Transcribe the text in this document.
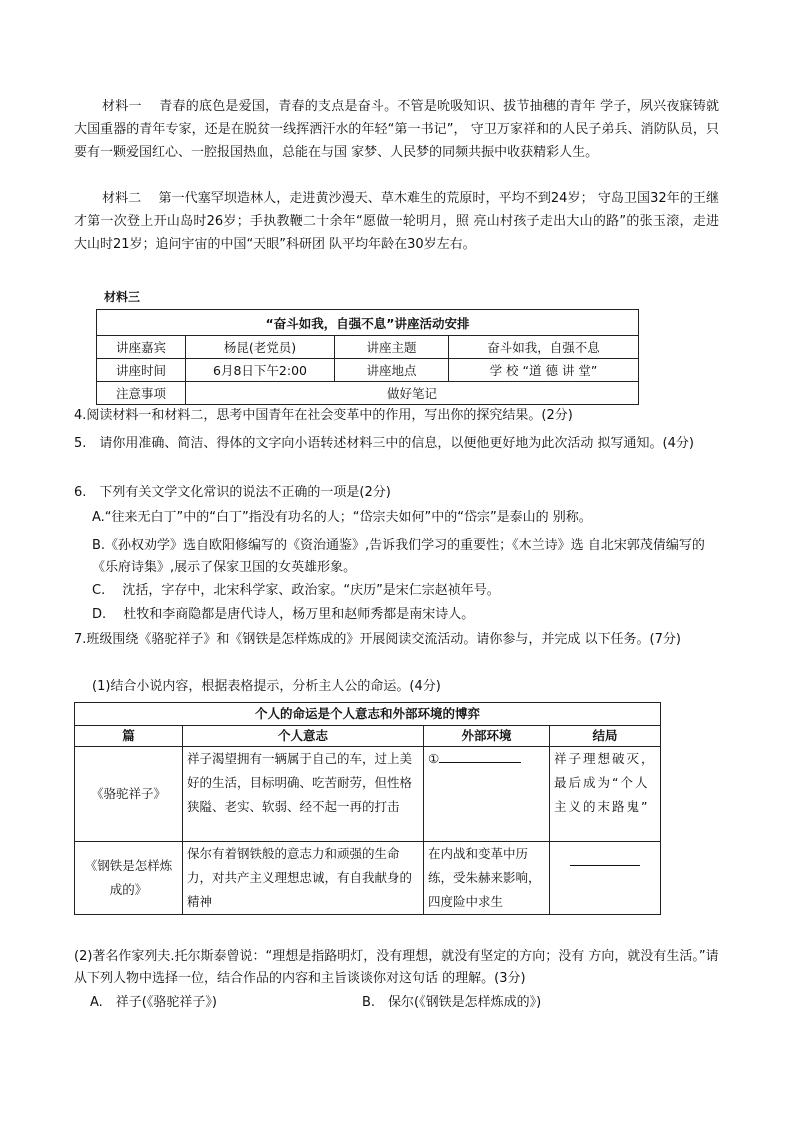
材料一　 青春的底色是爱国，青春的支点是奋斗。不管是吮吸知识、拔节抽穗的青年 学子，夙兴夜寐铸就大国重器的青年专家，还是在脱贫一线挥洒汗水的年轻“第一书记”， 守卫万家祥和的人民子弟兵、消防队员，只要有一颗爱国红心、一腔报国热血，总能在与国 家梦、人民梦的同频共振中收获精彩人生。

材料二　 第一代塞罕坝造林人，走进黄沙漫天、草木难生的荒原时，平均不到24岁； 守岛卫国32年的王继才第一次登上开山岛时26岁；手执教鞭二十余年“愿做一轮明月，照 亮山村孩子走出大山的路”的张玉滚，走进大山时21岁；追问宇宙的中国“天眼”科研团 队平均年龄在30岁左右。

材料三

“奋斗如我，自强不息”讲座活动安排			
讲座嘉宾	杨昆(老党员)	讲座主题	奋斗如我，自强不息
讲座时间	6月8日下午2:00	讲座地点	学 校 “道 德 讲 堂”
注意事项	做好笔记		

4.阅读材料一和材料二，思考中国青年在社会变革中的作用，写出你的探究结果。(2分)

5.　请你用准确、简洁、得体的文字向小语转述材料三中的信息，以便他更好地为此次活动 拟写通知。(4分)

6.　下列有关文学文化常识的说法不正确的一项是(2分)

A.“往来无白丁”中的“白丁”指没有功名的人；“岱宗夫如何”中的“岱宗”是泰山的 别称。

B.《孙权劝学》选自欧阳修编写的《资治通鉴》,告诉我们学习的重要性；《木兰诗》选 自北宋郭茂倩编写的《乐府诗集》,展示了保家卫国的女英雄形象。

C.　 沈括，字存中，北宋科学家、政治家。“庆历”是宋仁宗赵祯年号。

D.　 杜牧和李商隐都是唐代诗人，杨万里和赵师秀都是南宋诗人。

7.班级围绕《骆驼祥子》和《钢铁是怎样炼成的》开展阅读交流活动。请你参与，并完成 以下任务。(7分)

(1)结合小说内容，根据表格提示，分析主人公的命运。(4分)

个人的命运是个人意志和外部环境的博弈			
篇	个人意志	外部环境	结局
《骆驼祥子》	祥子渴望拥有一辆属于自己的车，过上美好的生活，目标明确、吃苦耐劳，但性格狭隘、老实、软弱、经不起一再的打击	①	祥子理想破灭，最后成为“个人主义的末路鬼”
《钢铁是怎样炼成的》	保尔有着钢铁般的意志力和顽强的生命力，对共产主义理想忠诚，有自我献身的精神	在内战和变革中历练，受朱赫来影响，四度险中求生	

(2)著名作家列夫.托尔斯泰曾说：“理想是指路明灯，没有理想，就没有坚定的方向；没有 方向，就没有生活。”请从下列人物中选择一位，结合作品的内容和主旨谈谈你对这句话 的理解。(3分)

A.　祥子(《骆驼祥子》)	B.　保尔(《钢铁是怎样炼成的》)
